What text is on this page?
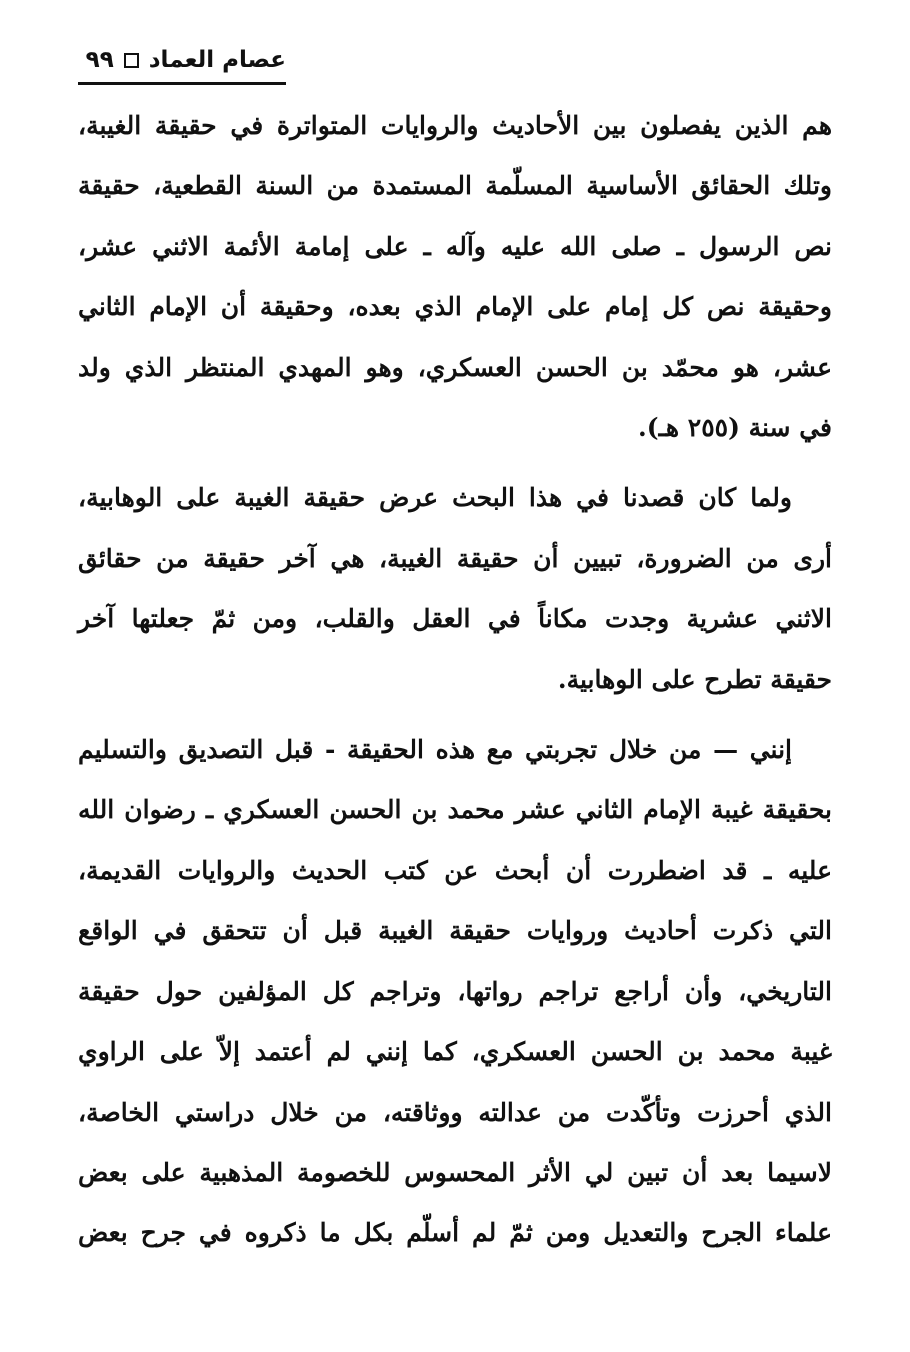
عصام العماد
٩٩

هم الذين يفصلون بين الأحاديث والروايات المتواترة في حقيقة الغيبة،
وتلك الحقائق الأساسية المسلّمة المستمدة من السنة القطعية، حقيقة
نص الرسول ـ صلى الله عليه وآله ـ على إمامة الأئمة الاثني عشر،
وحقيقة نص كل إمام على الإمام الذي بعده، وحقيقة أن الإمام الثاني
عشر، هو محمّد بن الحسن العسكري، وهو المهدي المنتظر الذي ولد
في سنة (٢٥٥ هـ).

ولما كان قصدنا في هذا البحث عرض حقيقة الغيبة على الوهابية،
أرى من الضرورة، تبيين أن حقيقة الغيبة، هي آخر حقيقة من حقائق
الاثني عشرية وجدت مكاناً في العقل والقلب، ومن ثمّ جعلتها آخر
حقيقة تطرح على الوهابية.

إنني — من خلال تجربتي مع هذه الحقيقة - قبل التصديق والتسليم
بحقيقة غيبة الإمام الثاني عشر محمد بن الحسن العسكري ـ رضوان الله
عليه ـ قد اضطررت أن أبحث عن كتب الحديث والروايات القديمة،
التي ذكرت أحاديث وروايات حقيقة الغيبة قبل أن تتحقق في الواقع
التاريخي، وأن أراجع تراجم رواتها، وتراجم كل المؤلفين حول حقيقة
غيبة محمد بن الحسن العسكري، كما إنني لم أعتمد إلاّ على الراوي
الذي أحرزت وتأكّدت من عدالته ووثاقته، من خلال دراستي الخاصة،
لاسيما بعد أن تبين لي الأثر المحسوس للخصومة المذهبية على بعض
علماء الجرح والتعديل ومن ثمّ لم أسلّم بكل ما ذكروه في جرح بعض
